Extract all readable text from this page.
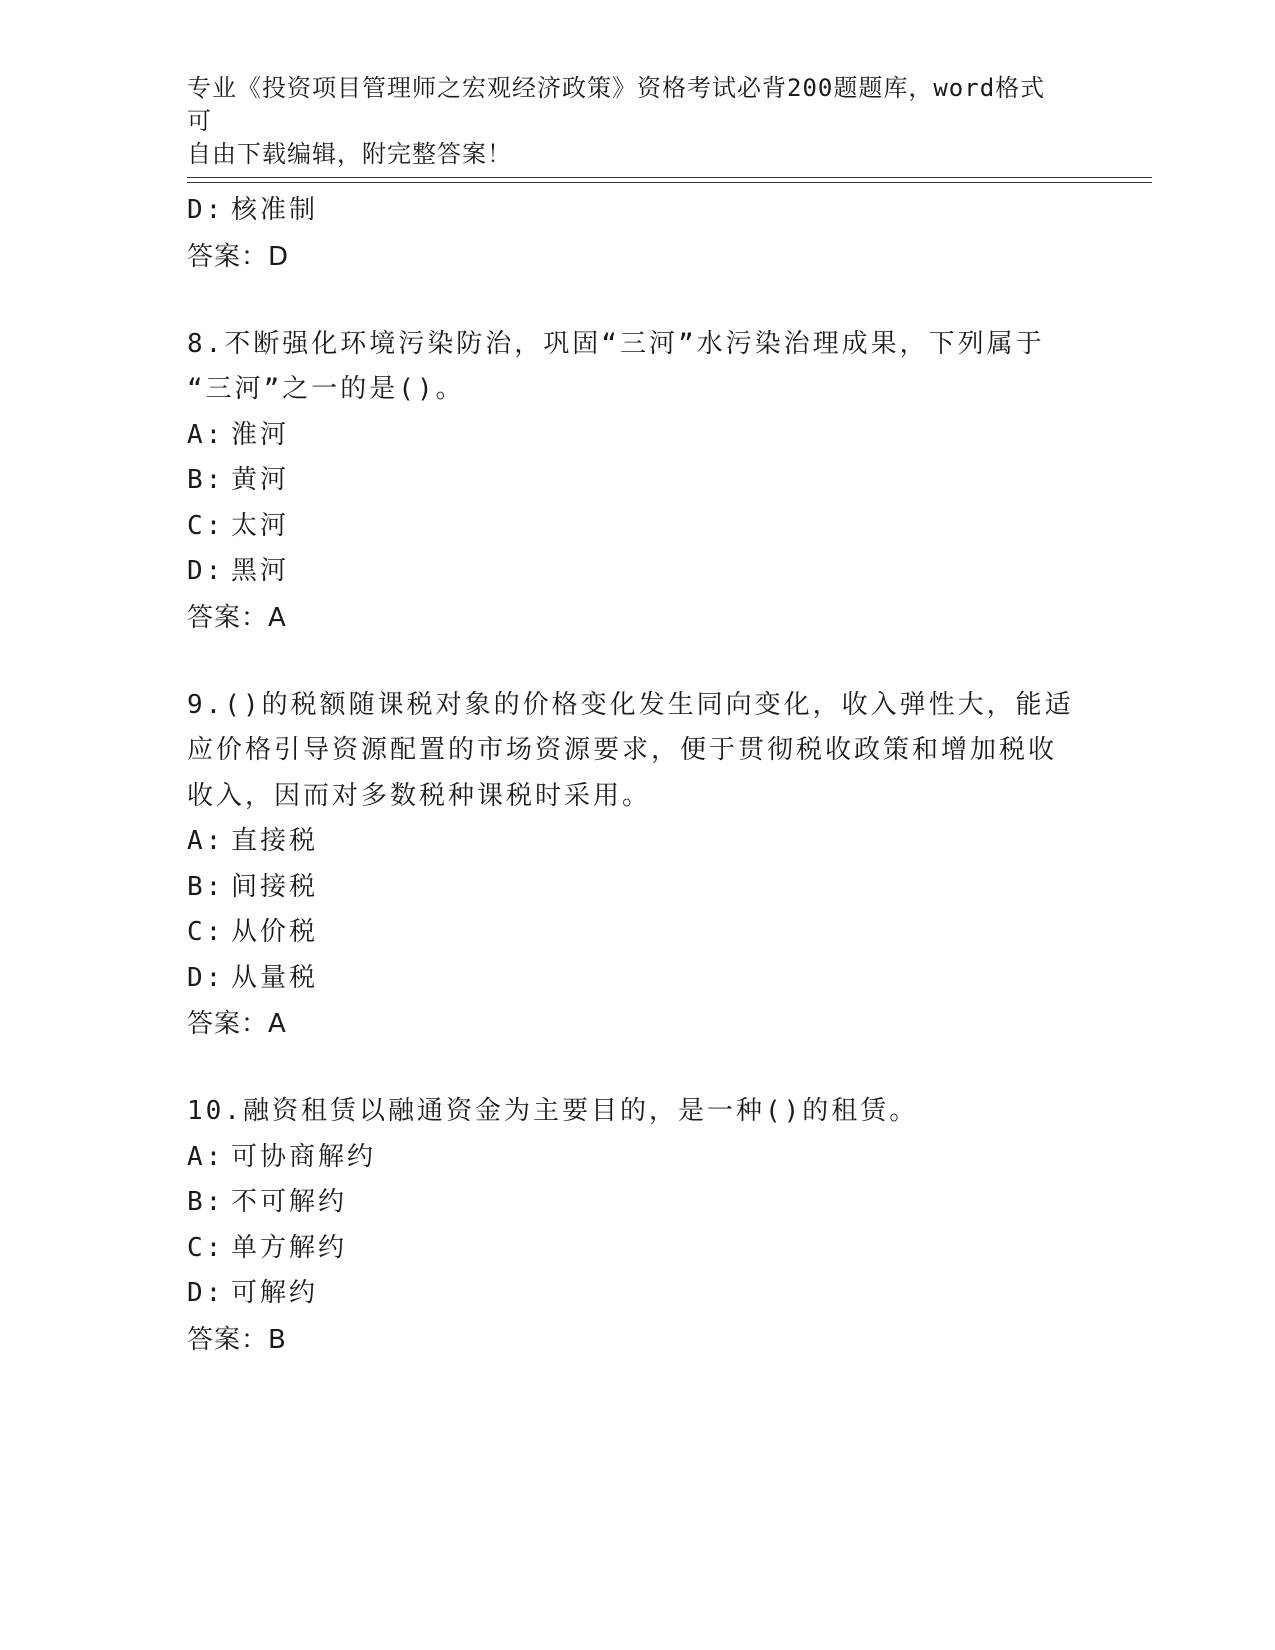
专业《投资项目管理师之宏观经济政策》资格考试必背200题题库，word格式可
自由下载编辑，附完整答案！
D: 核准制
答案：D
8.不断强化环境污染防治，巩固“三河”水污染治理成果，下列属于
“三河”之一的是()。
A: 淮河
B: 黄河
C: 太河
D: 黑河
答案：A
9.()的税额随课税对象的价格变化发生同向变化，收入弹性大，能适
应价格引导资源配置的市场资源要求，便于贯彻税收政策和增加税收
收入，因而对多数税种课税时采用。
A: 直接税
B: 间接税
C: 从价税
D: 从量税
答案：A
10.融资租赁以融通资金为主要目的，是一种()的租赁。
A: 可协商解约
B: 不可解约
C: 单方解约
D: 可解约
答案：B
